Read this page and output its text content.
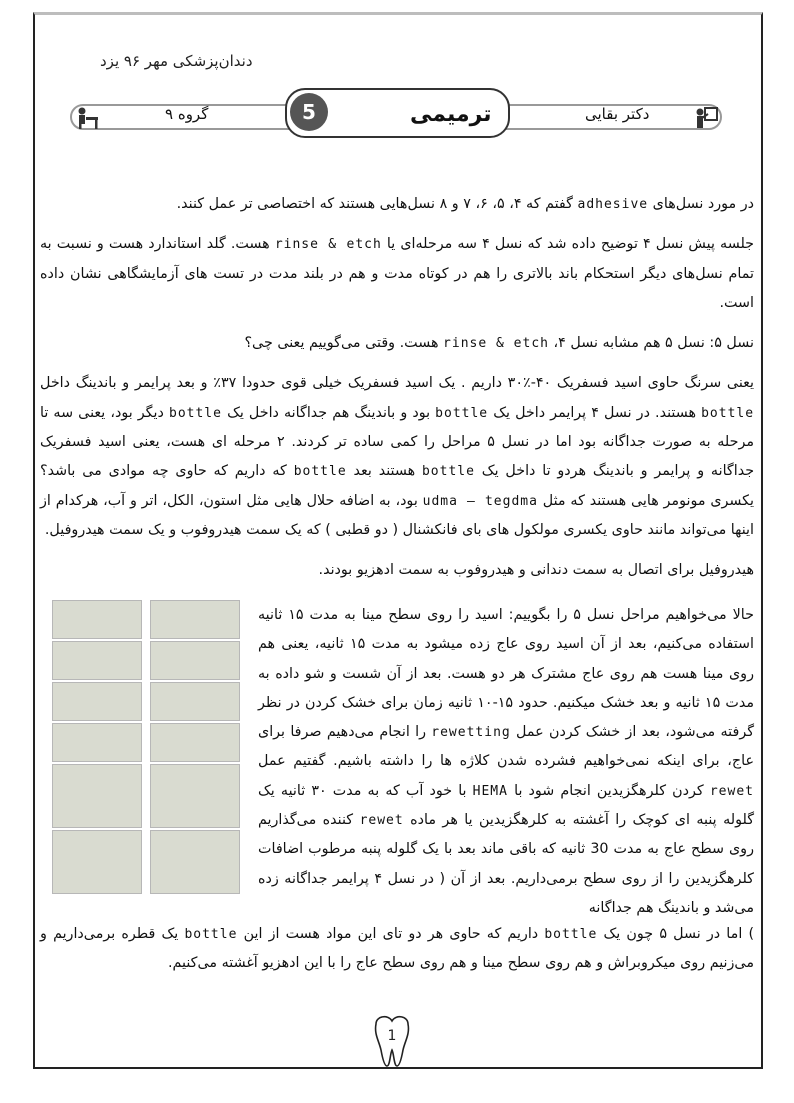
دندان‌پزشکی مهر ۹۶ یزد
گروه ۹	5	ترمیمی	دکتر بقایی

در مورد نسل‌های adhesive گفتم که ۴، ۵، ۶، ۷ و ۸ نسل‌هایی هستند که اختصاصی تر عمل کنند.

جلسه پیش نسل ۴ توضیح داده شد که نسل ۴ سه مرحله‌ای یا rinse & etch هست. گلد استاندارد هست و نسبت به تمام نسل‌های دیگر استحکام باند بالاتری را هم در کوتاه مدت و هم در بلند مدت در تست های آزمایشگاهی نشان داده است.

نسل ۵: نسل ۵ هم مشابه نسل ۴، rinse & etch هست. وقتی می‌گوییم یعنی چی؟

یعنی سرنگ حاوی اسید فسفریک ۴۰-٪۳۰ داریم . یک اسید فسفریک خیلی قوی حدودا ۳۷٪ و بعد پرایمر و باندینگ داخل bottle هستند. در نسل ۴ پرایمر داخل یک bottle بود و باندینگ هم جداگانه داخل یک bottle دیگر بود، یعنی سه تا مرحله به صورت جداگانه بود اما در نسل ۵ مراحل را کمی ساده تر کردند. ۲ مرحله ای هست، یعنی اسید فسفریک جداگانه و پرایمر و باندینگ هردو تا داخل یک bottle هستند بعد bottle که داریم که حاوی چه موادی می باشد؟ یکسری مونومر هایی هستند که مثل udma – tegdma بود، به اضافه حلال هایی مثل استون، الکل، اتر و آب، هرکدام از اینها می‌تواند مانند حاوی یکسری مولکول های بای فانکشنال ( دو قطبی ) که یک سمت هیدروفوب و یک سمت هیدروفیل.

هیدروفیل برای اتصال به سمت دندانی و هیدروفوب به سمت ادهزیو بودند.

حالا می‌خواهیم مراحل نسل ۵ را بگوییم: اسید را روی سطح مینا به مدت ۱۵ ثانیه استفاده می‌کنیم، بعد از آن اسید روی عاج زده میشود به مدت ۱۵ ثانیه، یعنی هم روی مینا هست هم روی عاج مشترک هر دو هست. بعد از آن شست و شو داده به مدت ۱۵ ثانیه و بعد خشک میکنیم. حدود ۱۵-۱۰ ثانیه زمان برای خشک کردن در نظر گرفته می‌شود، بعد از خشک کردن عمل rewetting را انجام می‌دهیم صرفا برای عاج، برای اینکه نمی‌خواهیم فشرده شدن کلاژه ها را داشته باشیم. گفتیم عمل rewet کردن کلرهگزیدین انجام شود با HEMA با خود آب که به مدت ۳۰ ثانیه یک گلوله پنبه ای کوچک را آغشته به کلرهگزیدین یا هر ماده rewet کننده می‌گذاریم روی سطح عاج به مدت 30 ثانیه که باقی ماند بعد با یک گلوله پنبه مرطوب اضافات کلرهگزیدین را از روی سطح برمی‌داریم. بعد از آن ( در نسل ۴ پرایمر جداگانه زده می‌شد و باندینگ هم جداگانه
) اما در نسل ۵ چون یک bottle داریم که حاوی هر دو تای این مواد هست از این bottle یک قطره برمی‌داریم و می‌زنیم روی میکروبراش و هم روی سطح مینا و هم روی سطح عاج را با این ادهزیو آغشته می‌کنیم.
1
